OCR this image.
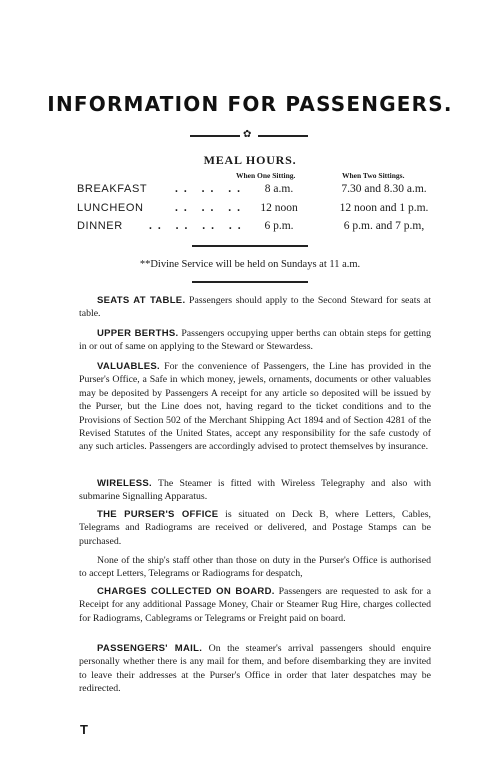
INFORMATION FOR PASSENGERS.
✿
MEAL HOURS.
When One Sitting.	When Two Sittings.
BREAKFAST .. .. ..	8 a.m.	7.30 and 8.30 a.m.
LUNCHEON	.. .. ..	12 noon	12 noon and 1 p.m.
DINNER .. .. .. ..	6 p.m.	6 p.m. and 7 p.m,
**Divine Service will be held on Sundays at 11 a.m.
SEATS AT TABLE. Passengers should apply to the Second Steward for seats at table.
UPPER BERTHS. Passengers occupying upper berths can obtain steps for getting in or out of same on applying to the Steward or Stewardess.
VALUABLES. For the convenience of Passengers, the Line has provided in the Purser's Office, a Safe in which money, jewels, ornaments, documents or other valuables may be deposited by Passengers A receipt for any article so deposited will be issued by the Purser, but the Line does not, having regard to the ticket conditions and to the Provisions of Section 502 of the Merchant Shipping Act 1894 and of Section 4281 of the Revised Statutes of the United States, accept any responsibility for the safe custody of any such articles. Passengers are accordingly advised to protect themselves by insurance.
WIRELESS. The Steamer is fitted with Wireless Telegraphy and also with submarine Signalling Apparatus.
THE PURSER'S OFFICE is situated on Deck B, where Letters, Cables, Telegrams and Radiograms are received or delivered, and Postage Stamps can be purchased.
None of the ship's staff other than those on duty in the Purser's Office is authorised to accept Letters, Telegrams or Radiograms for despatch,
CHARGES COLLECTED ON BOARD. Passengers are requested to ask for a Receipt for any additional Passage Money, Chair or Steamer Rug Hire, charges collected for Radiograms, Cablegrams or Telegrams or Freight paid on board.
PASSENGERS' MAIL. On the steamer's arrival passengers should enquire personally whether there is any mail for them, and before disembarking they are invited to leave their addresses at the Purser's Office in order that later despatches may be redirected.
T
